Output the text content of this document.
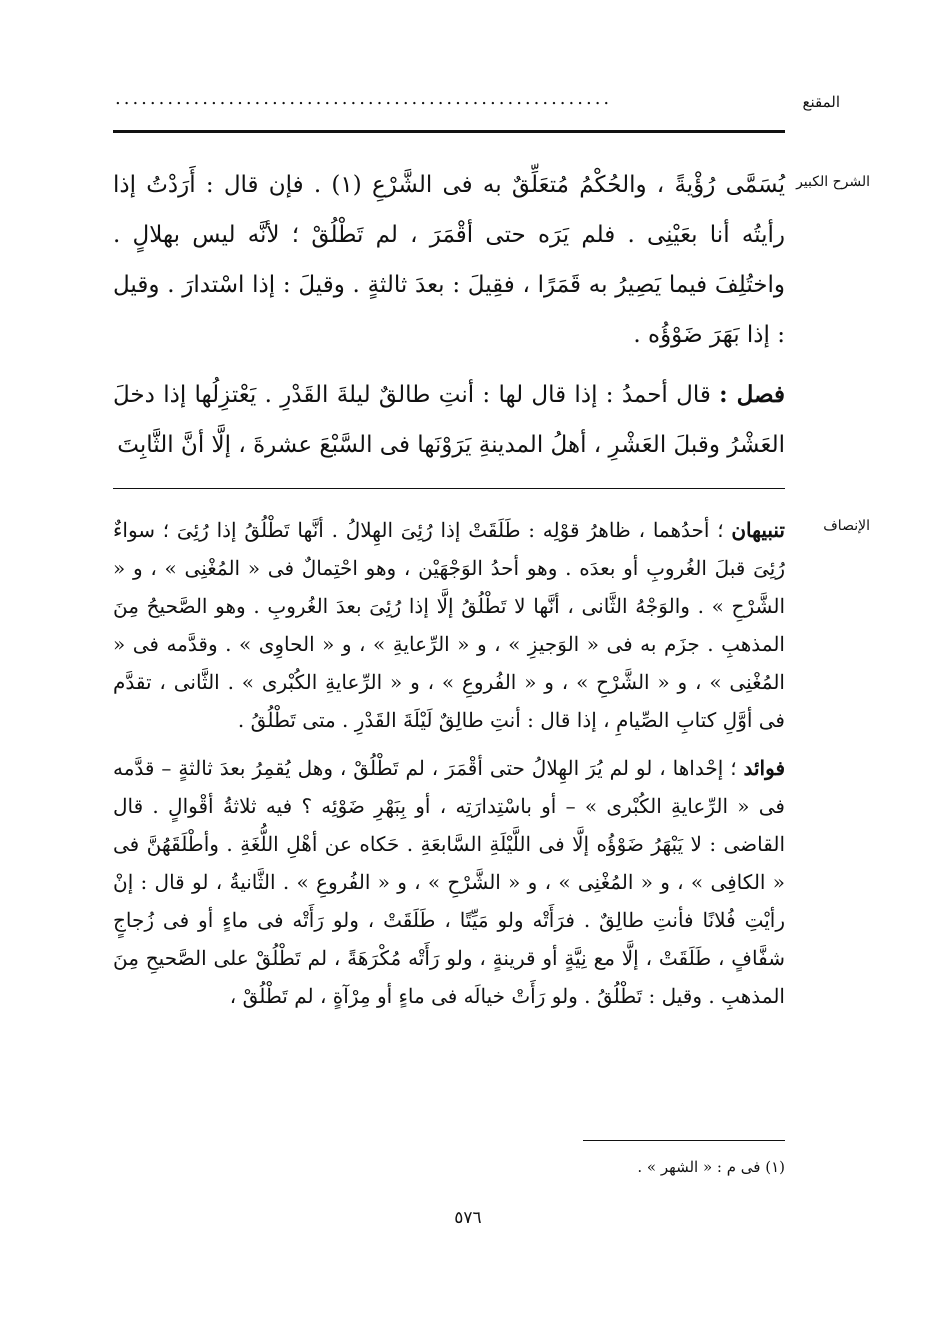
المقنع
.........................................................
الشرح الكبير

يُسَمَّى رُؤْيةً ، والحُكْمُ مُتعَلِّقٌ به فى الشَّرْعِ (١) . فإن قال : أَرَدْتُ إذا رأيتُه أنا بعَيْنِى . فلم يَرَه حتى أقْمَرَ ، لم تَطْلُقْ ؛ لأنَّه ليس بهلالٍ . واختُلِفَ فيما يَصِيرُ به قَمَرًا ، فقِيلَ : بعدَ ثالثةٍ . وقيلَ : إذا اسْتدارَ . وقيل : إذا بَهَرَ ضَوْؤُه .

فصل : قال أحمدُ : إذا قال لها : أنتِ طالقٌ ليلةَ القَدْرِ . يَعْتزِلُها إذا دخلَ العَشْرُ وقبلَ العَشْرِ ، أهلُ المدينةِ يَرَوْنَها فى السَّبْعَ عشرةَ ، إلَّا أنَّ الثَّابِتَ

الإنصاف

تنبيهان ؛ أحدُهما ، ظاهرُ قوْلِه : طَلَقَتْ إذا رُئِىَ الهِلالُ . أنَّها تَطْلُقُ إذا رُئِىَ ؛ سواءٌ رُئِىَ قبلَ الغُروبِ أو بعدَه . وهو أحدُ الوَجْهَيْن ، وهو احْتِمالٌ فى « المُغْنِى » ، و « الشَّرْحِ » . والوَجْهُ الثَّانى ، أنَّها لا تَطْلُقُ إلَّا إذا رُئِىَ بعدَ الغُروبِ . وهو الصَّحيحُ مِنَ المذهبِ . جزَم به فى « الوَجيزِ » ، و « الرِّعايةِ » ، و « الحاوِى » . وقدَّمه فى « المُغْنِى » ، و « الشَّرْحِ » ، و « الفُروعِ » ، و « الرِّعايةِ الكُبْرى » . الثَّانى ، تقدَّم فى أوَّلِ كتابِ الصِّيامِ ، إذا قال : أنتِ طالِقٌ لَيْلَةَ القَدْرِ . متى تَطْلُقُ .

فوائد ؛ إحْداها ، لو لم يُرَ الهِلالُ حتى أقْمَرَ ، لم تَطْلُقْ ، وهل يُقمِرُ بعدَ ثالثةٍ – قدَّمه فى « الرِّعايةِ الكُبْرى » – أو باسْتِدارَتِه ، أو بِبَهْرِ ضَوْئِه ؟ فيه ثلاثةُ أقْوالٍ . قال القاضى : لا يَبْهَرُ ضَوْؤُه إلَّا فى اللَّيْلَةِ السَّابعَةِ . حَكاه عن أهْلِ اللُّغَةِ . وأطْلَقَهُنَّ فى « الكافِى » ، و « المُغْنِى » ، و « الشَّرْحِ » ، و « الفُروعِ » . الثَّانيةُ ، لو قال : إنْ رأيْتِ فُلانًا فأنتِ طالِقٌ . فرَأَتْه ولو مَيِّتًا ، طَلَقَتْ ، ولو رَأَتْه فى ماءٍ أو فى زُجاجٍ شفَّافٍ ، طَلَقَتْ ، إلَّا مع نِيَّةٍ أو قرينةٍ ، ولو رَأَتْه مُكْرَهَةً ، لم تَطْلُقْ على الصَّحيحِ مِنَ المذهبِ . وقيل : تَطْلُقُ . ولو رَأَتْ خيالَه فى ماءٍ أو مِرْآةٍ ، لم تَطْلُقْ ،

(١) فى م : « الشهر » .
٥٧٦
